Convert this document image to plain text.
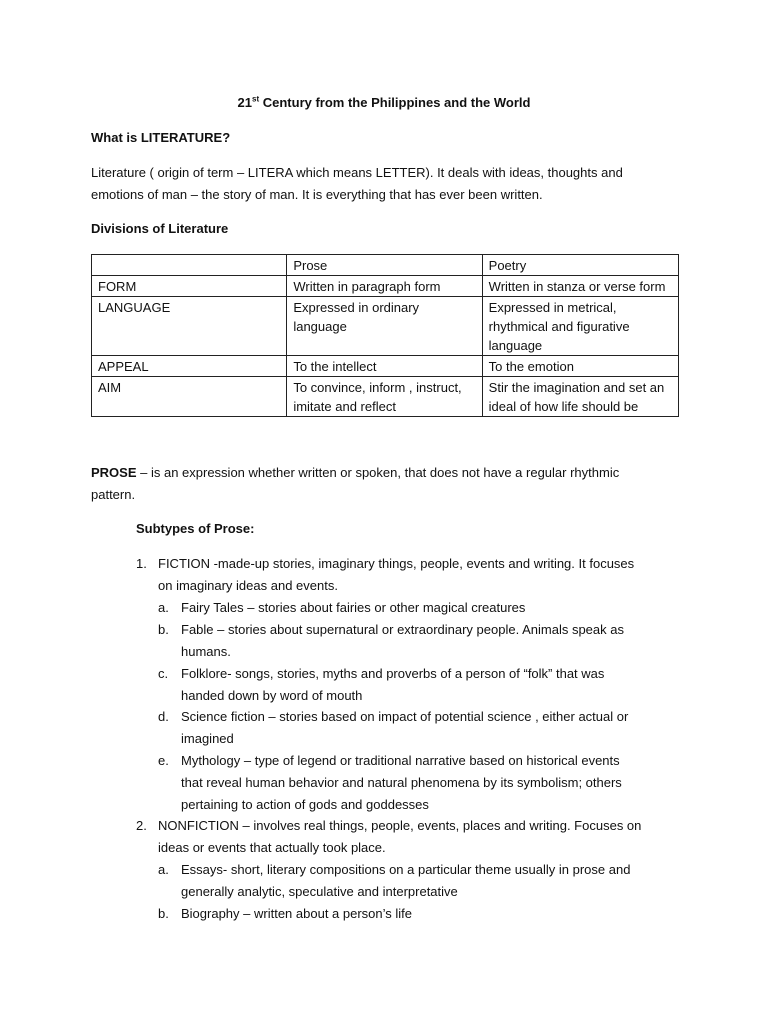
21st Century from the Philippines and the World
What is LITERATURE?
Literature ( origin of term – LITERA which means LETTER). It deals with ideas, thoughts and
emotions of man – the story of man. It is everything that has ever been written.
Divisions of Literature
	Prose	Poetry
FORM	Written in paragraph form	Written in stanza or verse form
LANGUAGE	Expressed in ordinary language	Expressed in metrical, rhythmical and figurative language
APPEAL	To the intellect	To the emotion
AIM	To convince, inform , instruct, imitate and reflect	Stir the imagination and set an ideal of how life should be
PROSE – is an expression whether written or spoken, that does not have a regular rhythmic
pattern.
Subtypes of Prose:
1. FICTION -made-up stories, imaginary things, people, events and writing. It focuses
on imaginary ideas and events.
a. Fairy Tales – stories about fairies or other magical creatures
b. Fable – stories about supernatural or extraordinary people. Animals speak as
humans.
c. Folklore- songs, stories, myths and proverbs of a person of “folk” that was
handed down by word of mouth
d. Science fiction – stories based on impact of potential science , either actual or
imagined
e. Mythology – type of legend or traditional narrative based on historical events
that reveal human behavior and natural phenomena by its symbolism; others
pertaining to action of gods and goddesses
2. NONFICTION – involves real things, people, events, places and writing. Focuses on
ideas or events that actually took place.
a. Essays- short, literary compositions on a particular theme usually in prose and
generally analytic, speculative and interpretative
b. Biography – written about a person’s life
